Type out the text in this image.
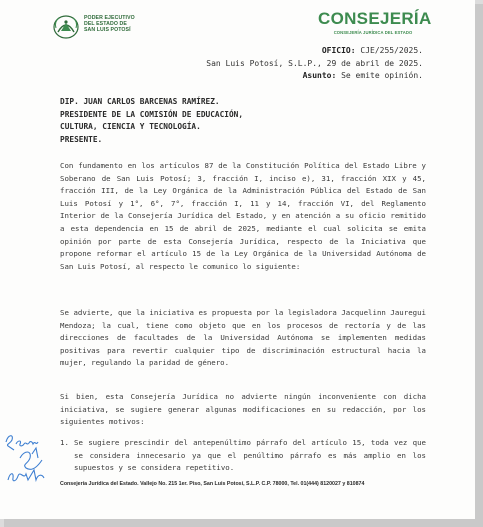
PODER EJECUTIVO
DEL ESTADO DE
SAN LUIS POTOSÍ
CONSEJERÍA
CONSEJERÍA JURÍDICA DEL ESTADO
OFICIO: CJE/255/2025.
San Luis Potosí, S.L.P., 29 de abril de 2025.
Asunto: Se emite opinión.
DIP. JUAN CARLOS BARCENAS RAMÍREZ.
PRESIDENTE DE LA COMISIÓN DE EDUCACIÓN,
CULTURA, CIENCIA Y TECNOLOGÍA.
PRESENTE.
Con fundamento en los artículos 87 de la Constitución Política del Estado Libre y Soberano de San Luis Potosí; 3, fracción I, inciso e), 31, fracción XIX y 45, fracción III, de la Ley Orgánica de la Administración Pública del Estado de San Luis Potosí y 1°, 6°, 7°, fracción I, 11 y 14, fracción VI, del Reglamento Interior de la Consejería Jurídica del Estado, y en atención a su oficio remitido a esta dependencia en 15 de abril de 2025, mediante el cual solicita se emita opinión por parte de esta Consejería Jurídica, respecto de la Iniciativa que propone reformar el artículo 15 de la Ley Orgánica de la Universidad Autónoma de San Luis Potosí, al respecto le comunico lo siguiente:
Se advierte, que la iniciativa es propuesta por la legisladora Jacquelinn Jauregui Mendoza; la cual, tiene como objeto que en los procesos de rectoría y de las direcciones de facultades de la Universidad Autónoma se implementen medidas positivas para revertir cualquier tipo de discriminación estructural hacia la mujer, regulando la paridad de género.
Si bien, esta Consejería Jurídica no advierte ningún inconveniente con dicha iniciativa, se sugiere generar algunas modificaciones en su redacción, por los siguientes motivos:
1. Se sugiere prescindir del antepenúltimo párrafo del artículo 15, toda vez que se considera innecesario ya que el penúltimo párrafo es más amplio en los supuestos y se considera repetitivo.
Consejería Jurídica del Estado. Vallejo No. 215 1er. Piso, San Luis Potosí, S.L.P. C.P. 78000, Tel. 01(444) 8120027 y 810874
